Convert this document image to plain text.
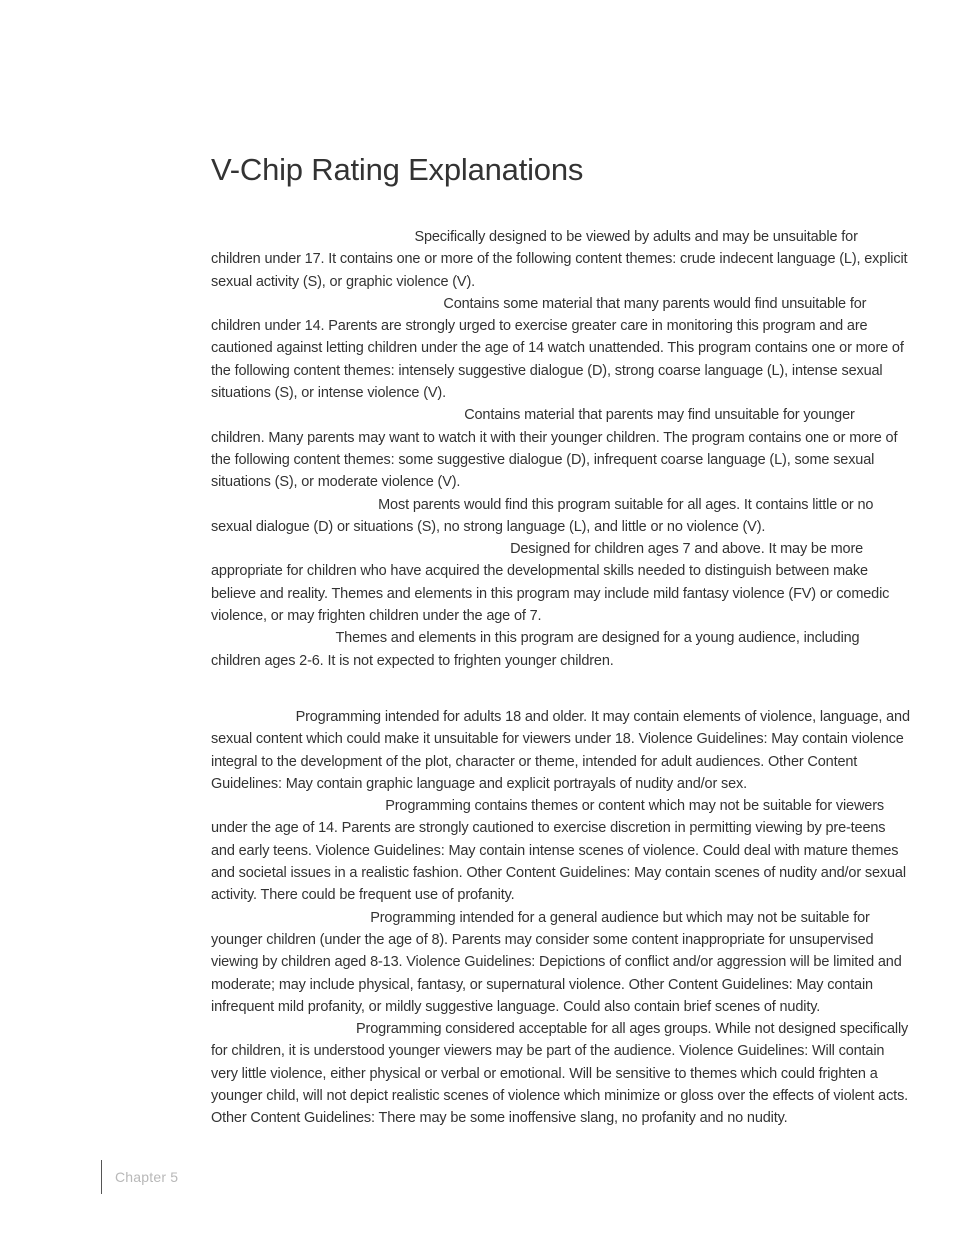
V-Chip Rating Explanations

Specifically designed to be viewed by adults and may be unsuitable for children under 17. It contains one or more of the following content themes: crude indecent language (L), explicit sexual activity (S), or graphic violence (V).

Contains some material that many parents would find unsuitable for children under 14. Parents are strongly urged to exercise greater care in monitoring this program and are cautioned against letting children under the age of 14 watch unattended. This program contains one or more of the following content themes: intensely suggestive dialogue (D), strong coarse language (L), intense sexual situations (S), or intense violence (V).

Contains material that parents may find unsuitable for younger children. Many parents may want to watch it with their younger children. The program contains one or more of the following content themes: some suggestive dialogue (D), infrequent coarse language (L), some sexual situations (S), or moderate violence (V).

Most parents would find this program suitable for all ages. It contains little or no sexual dialogue (D) or situations (S), no strong language (L), and little or no violence (V).

Designed for children ages 7 and above. It may be more appropriate for children who have acquired the developmental skills needed to distinguish between make believe and reality. Themes and elements in this program may include mild fantasy violence (FV) or comedic violence, or may frighten children under the age of 7.

Themes and elements in this program are designed for a young audience, including children ages 2-6. It is not expected to frighten younger children.

Programming intended for adults 18 and older. It may contain elements of violence, language, and sexual content which could make it unsuitable for viewers under 18. Violence Guidelines: May contain violence integral to the development of the plot, character or theme, intended for adult audiences. Other Content Guidelines: May contain graphic language and explicit portrayals of nudity and/or sex.

Programming contains themes or content which may not be suitable for viewers under the age of 14. Parents are strongly cautioned to exercise discretion in permitting viewing by pre-teens and early teens. Violence Guidelines: May contain intense scenes of violence. Could deal with mature themes and societal issues in a realistic fashion. Other Content Guidelines: May contain scenes of nudity and/or sexual activity. There could be frequent use of profanity.

Programming intended for a general audience but which may not be suitable for younger children (under the age of 8). Parents may consider some content inappropriate for unsupervised viewing by children aged 8-13. Violence Guidelines: Depictions of conflict and/or aggression will be limited and moderate; may include physical, fantasy, or supernatural violence. Other Content Guidelines: May contain infrequent mild profanity, or mildly suggestive language. Could also contain brief scenes of nudity.

Programming considered acceptable for all ages groups. While not designed specifically for children, it is understood younger viewers may be part of the audience. Violence Guidelines: Will contain very little violence, either physical or verbal or emotional. Will be sensitive to themes which could frighten a younger child, will not depict realistic scenes of violence which minimize or gloss over the effects of violent acts. Other Content Guidelines: There may be some inoffensive slang, no profanity and no nudity.

Chapter 5
